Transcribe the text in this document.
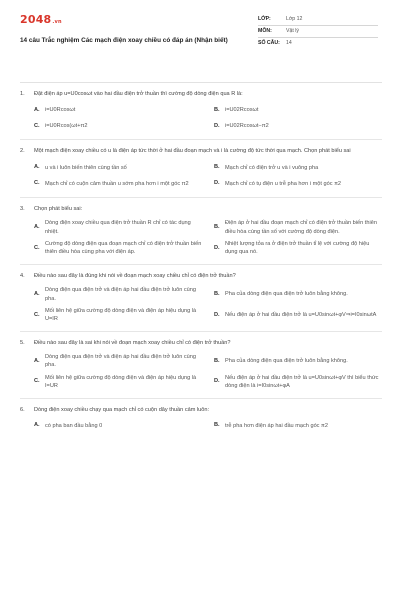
2048.vn
14 câu Trắc nghiệm Các mạch điện xoay chiều có đáp án (Nhận biết)
LỚP:	Lớp 12
MÔN:	Vật lý
SỐ CÂU:	14
1.	Đặt điện áp u=U0cosωt vào hai đầu điện trở thuần thì cường độ dòng điện qua R là:
A. i=U0Rcosωt	B. i=U02Rcosωt
C. i=U0Rcos(ωt+π2	D. i=U02Rcosωt−π2
2.	Một mạch điện xoay chiều có u là điện áp tức thời ở hai đầu đoạn mạch và i là cường độ tức thời qua mạch. Chọn phát biểu sai
A. u và i luôn biến thiên cùng tần số	B. Mạch chỉ có điện trở u và i vuông pha
C. Mạch chỉ có cuộn cảm thuần u sớm pha hơn i một góc π2	D. Mạch chỉ có tụ điện u trễ pha hơn i một góc π2
3.	Chọn phát biểu sai:
A.
Dòng điện xoay chiều qua điện trở thuần R chỉ có tác dụng nhiệt.
B.
Điện áp ở hai đầu đoạn mạch chỉ có điện trở thuần biến thiên điều hòa cùng tần số với cường độ dòng điện.
C.
Cường độ dòng điện qua đoạn mạch chỉ có điện trở thuần biến thiên điều hòa cùng pha với điện áp.
D.
Nhiệt lượng tỏa ra ở điện trở thuần tỉ lệ với cường độ hiệu dụng qua nó.
4.	Điều nào sau đây là đúng khi nói về đoạn mạch xoay chiều chỉ có điện trở thuần?
A.
Dòng điện qua điện trở và điện áp hai đầu điện trở luôn cùng pha.
B. Pha của dòng điện qua điện trở luôn bằng không.
C.
Mối liên hệ giữa cường độ dòng điện và điện áp hiệu dụng là U=IR
D. Nếu điện áp ở hai đầu điện trở là u=U0sinωt+φV⇒i=I0sinωtA
5.	Điều nào sau đây là sai khi nói về đoạn mạch xoay chiều chỉ có điện trở thuần?
A.
Dòng điện qua điện trở và điện áp hai đầu điện trở luôn cùng pha.
B. Pha của dòng điện qua điện trở luôn bằng không.
C.
Mối liên hệ giữa cường độ dòng điện và điện áp hiệu dụng là I=UR
D.
Nếu điện áp ở hai đầu điện trở là u=U0sinωt+φV thì biểu thức dòng điện là i=I0sinωt+φA
6.	Dòng điện xoay chiều chạy qua mạch chỉ có cuộn dây thuần cảm luôn:
A. có pha ban đầu bằng 0	B. trễ pha hơn điện áp hai đầu mạch góc π2
